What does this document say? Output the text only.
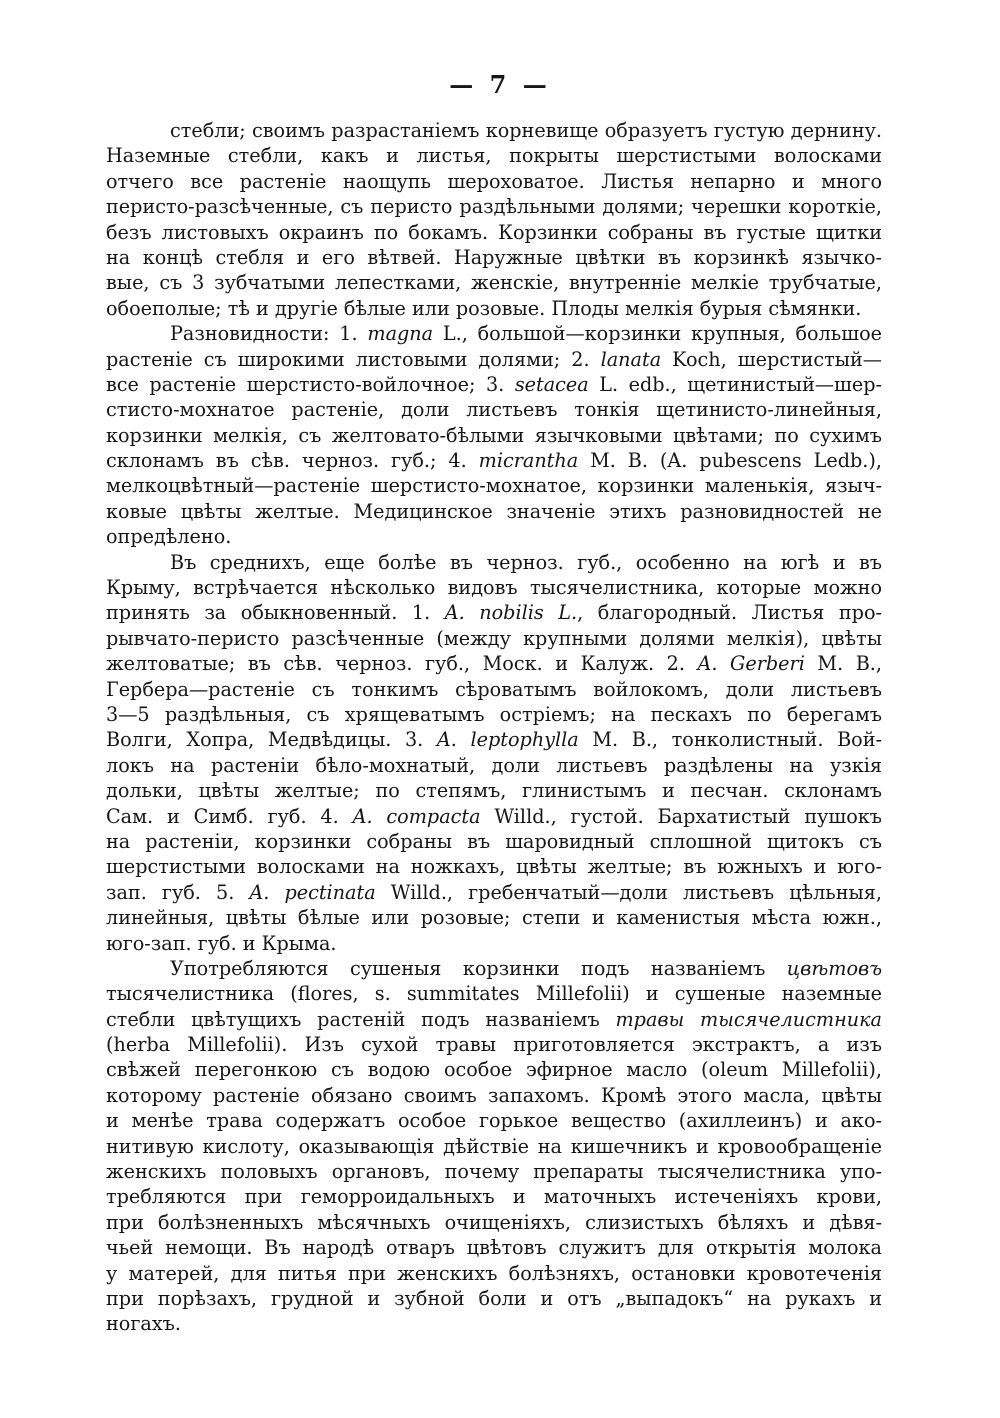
— 7 —
стебли; своимъ разрастаніемъ корневище образуетъ густую дернину.
Наземные стебли, какъ и листья, покрыты шерстистыми волосками
отчего все растеніе наощупь шероховатое. Листья непарно и много
перисто-разсѣченные, съ перисто раздѣльными долями; черешки короткіе,
безъ листовыхъ окраинъ по бокамъ. Корзинки собраны въ густые щитки
на концѣ стебля и его вѣтвей. Наружные цвѣтки въ корзинкѣ язычко-
вые, съ 3 зубчатыми лепестками, женскіе, внутренніе мелкіе трубчатые,
обоеполые; тѣ и другіе бѣлые или розовые. Плоды мелкія бурыя сѣмянки.
Разновидности: 1. magna L., большой—корзинки крупныя, большое
растеніе съ широкими листовыми долями; 2. lanata Koch, шерстистый—
все растеніе шерстисто-войлочное; 3. setacea L. edb., щетинистый—шер-
стисто-мохнатое растеніе, доли листьевъ тонкія щетинисто-линейныя,
корзинки мелкія, съ желтовато-бѣлыми язычковыми цвѣтами; по сухимъ
склонамъ въ сѣв. черноз. губ.; 4. micrantha M. B. (A. pubescens Ledb.),
мелкоцвѣтный—растеніе шерстисто-мохнатое, корзинки маленькія, языч-
ковые цвѣты желтые. Медицинское значеніе этихъ разновидностей не
опредѣлено.
Въ среднихъ, еще болѣе въ черноз. губ., особенно на югѣ и въ
Крыму, встрѣчается нѣсколько видовъ тысячелистника, которые можно
принять за обыкновенный. 1. A. nobilis L., благородный. Листья про-
рывчато-перисто разсѣченные (между крупными долями мелкія), цвѣты
желтоватые; въ сѣв. черноз. губ., Моск. и Калуж. 2. A. Gerberi M. B.,
Гербера—растеніе съ тонкимъ сѣроватымъ войлокомъ, доли листьевъ
3—5 раздѣльныя, съ хрящеватымъ остріемъ; на пескахъ по берегамъ
Волги, Хопра, Медвѣдицы. 3. A. leptophylla M. B., тонколистный. Вой-
локъ на растеніи бѣло-мохнатый, доли листьевъ раздѣлены на узкія
дольки, цвѣты желтые; по степямъ, глинистымъ и песчан. склонамъ
Сам. и Симб. губ. 4. A. compacta Willd., густой. Бархатистый пушокъ
на растеніи, корзинки собраны въ шаровидный сплошной щитокъ съ
шерстистыми волосками на ножкахъ, цвѣты желтые; въ южныхъ и юго-
зап. губ. 5. A. pectinata Willd., гребенчатый—доли листьевъ цѣльныя,
линейныя, цвѣты бѣлые или розовые; степи и каменистыя мѣста южн.,
юго-зап. губ. и Крыма.
Употребляются сушеныя корзинки подъ названіемъ цвѣтовъ
тысячелистника (flores, s. summitates Millefolii) и сушеные наземные
стебли цвѣтущихъ растеній подъ названіемъ травы тысячелистника
(herba Millefolii). Изъ сухой травы приготовляется экстрактъ, а изъ
свѣжей перегонкою съ водою особое эфирное масло (oleum Millefolii),
которому растеніе обязано своимъ запахомъ. Кромѣ этого масла, цвѣты
и менѣе трава содержатъ особое горькое вещество (ахиллеинъ) и ако-
нитивую кислоту, оказывающія дѣйствіе на кишечникъ и кровообращеніе
женскихъ половыхъ органовъ, почему препараты тысячелистника упо-
требляются при геморроидальныхъ и маточныхъ истеченіяхъ крови,
при болѣзненныхъ мѣсячныхъ очищеніяхъ, слизистыхъ бѣляхъ и дѣвя-
чьей немощи. Въ народѣ отваръ цвѣтовъ служитъ для открытія молока
у матерей, для питья при женскихъ болѣзняхъ, остановки кровотеченія
при порѣзахъ, грудной и зубной боли и отъ „выпадокъ“ на рукахъ и
ногахъ.
